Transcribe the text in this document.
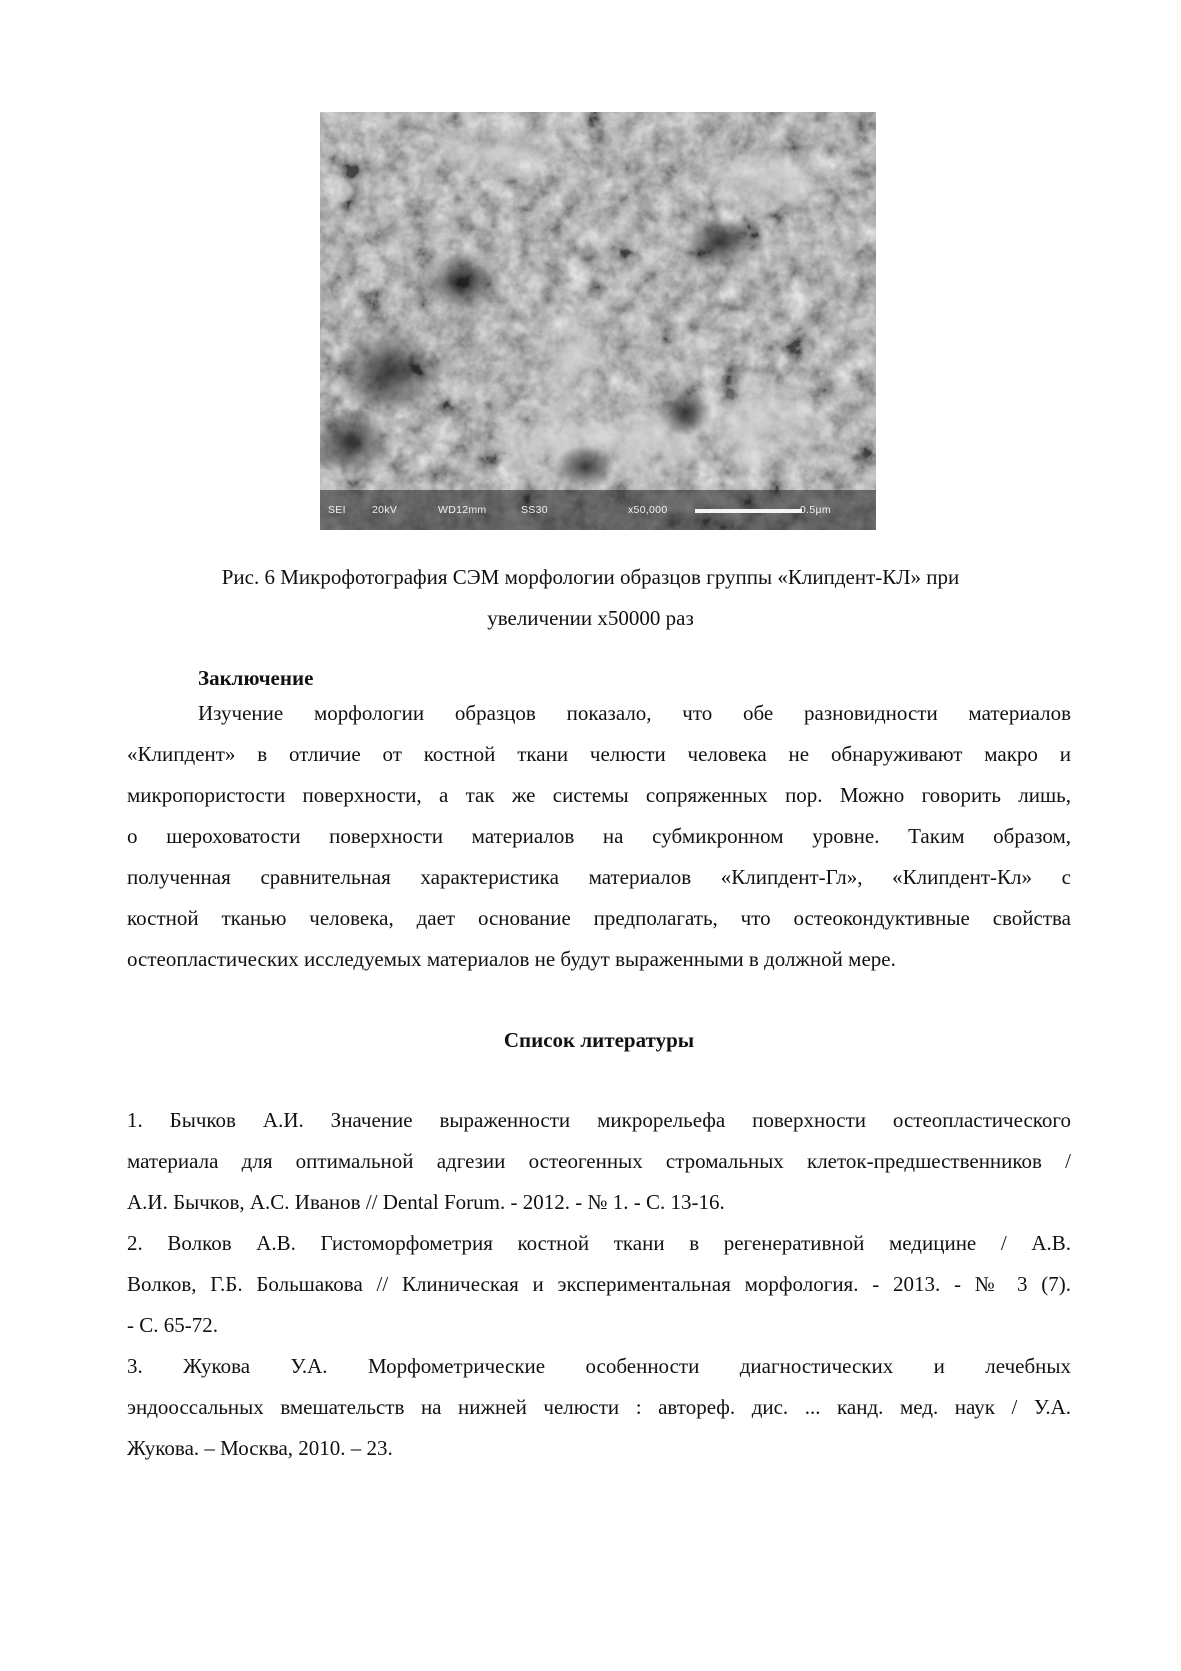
SEI 20kV	WD12mm	SS30	x50,000	0.5μm
Рис. 6 Микрофотография СЭМ морфологии образцов группы «Клипдент-КЛ» при
увеличении x50000 раз
Заключение
Изучение морфологии образцов показало, что обе разновидности материалов
«Клипдент» в отличие от костной ткани челюсти человека не обнаруживают макро и
микропористости поверхности, а так же системы сопряженных пор. Можно говорить лишь,
о шероховатости поверхности материалов на субмикронном уровне. Таким образом,
полученная сравнительная характеристика материалов «Клипдент-Гл», «Клипдент-Кл» с
костной тканью человека, дает основание предполагать, что остеокондуктивные свойства
остеопластических исследуемых материалов не будут выраженными в должной мере.
Список литературы
1. Бычков А.И. Значение выраженности микрорельефа поверхности остеопластического
материала для оптимальной адгезии остеогенных стромальных клеток-предшественников /
А.И. Бычков, А.С. Иванов // Dental Forum. - 2012. - № 1. - С. 13-16.
2. Волков А.В. Гистоморфометрия костной ткани в регенеративной медицине / А.В.
Волков, Г.Б. Большакова // Клиническая и экспериментальная морфология. - 2013. - № 3 (7).
- С. 65-72.
3. Жукова У.А. Морфометрические особенности диагностических и лечебных
эндооссальных вмешательств на нижней челюсти : автореф. дис. ... канд. мед. наук / У.А.
Жукова. – Москва, 2010. – 23.
